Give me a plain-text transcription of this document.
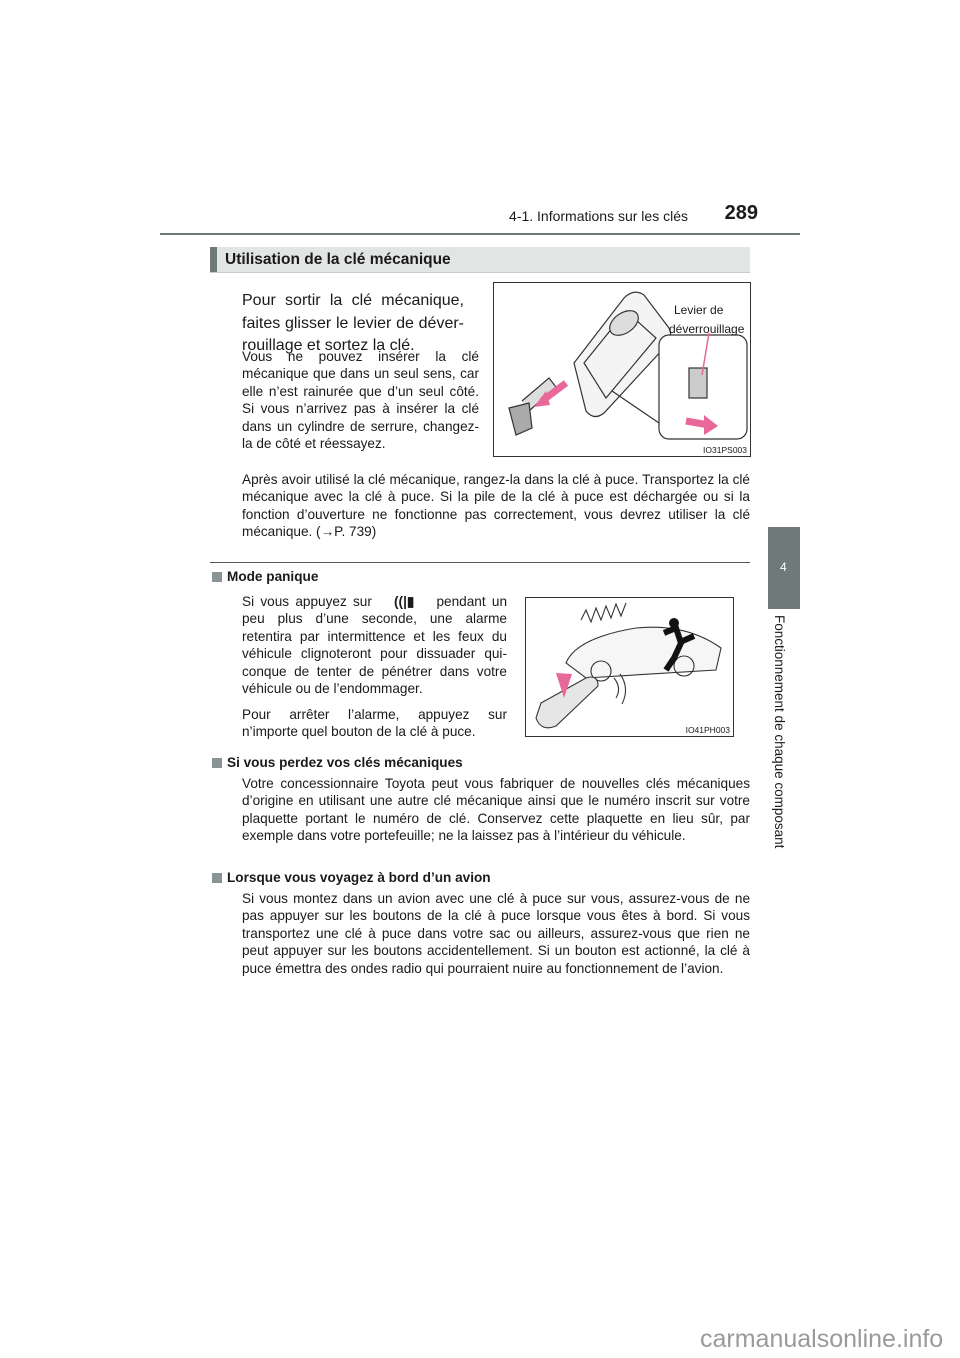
4-1. Informations sur les clés	289
4
Fonctionnement de chaque composant
Utilisation de la clé mécanique
Pour sortir la clé mécanique, faites glisser le levier de déverrouillage et sortez la clé.
Vous ne pouvez insérer la clé mécanique que dans un seul sens, car elle n’est rainurée que d’un seul côté. Si vous n’arrivez pas à insérer la clé dans un cylindre de serrure, changez-la de côté et réessayez.
Levier de
déverrouillage
IO31PS003
Après avoir utilisé la clé mécanique, rangez-la dans la clé à puce. Transportez la clé mécanique avec la clé à puce. Si la pile de la clé à puce est déchargée ou si la fonction d’ouverture ne fonctionne pas correctement, vous devrez utiliser la clé mécanique. (→P. 739)
Mode panique
Si vous appuyez sur ((|▮ pendant un peu plus d’une seconde, une alarme retentira par intermittence et les feux du véhicule clignoteront pour dissuader quiconque de tenter de pénétrer dans votre véhicule ou de l’endommager.
Pour arrêter l’alarme, appuyez sur n’importe quel bouton de la clé à puce.	IO41PH003
Si vous perdez vos clés mécaniques
Votre concessionnaire Toyota peut vous fabriquer de nouvelles clés mécaniques d’origine en utilisant une autre clé mécanique ainsi que le numéro inscrit sur votre plaquette portant le numéro de clé. Conservez cette plaquette en lieu sûr, par exemple dans votre portefeuille; ne la laissez pas à l’intérieur du véhicule.
Lorsque vous voyagez à bord d’un avion
Si vous montez dans un avion avec une clé à puce sur vous, assurez-vous de ne pas appuyer sur les boutons de la clé à puce lorsque vous êtes à bord. Si vous transportez une clé à puce dans votre sac ou ailleurs, assurez-vous que rien ne peut appuyer sur les boutons accidentellement. Si un bouton est actionné, la clé à puce émettra des ondes radio qui pourraient nuire au fonctionnement de l’avion.
carmanualsonline.info
